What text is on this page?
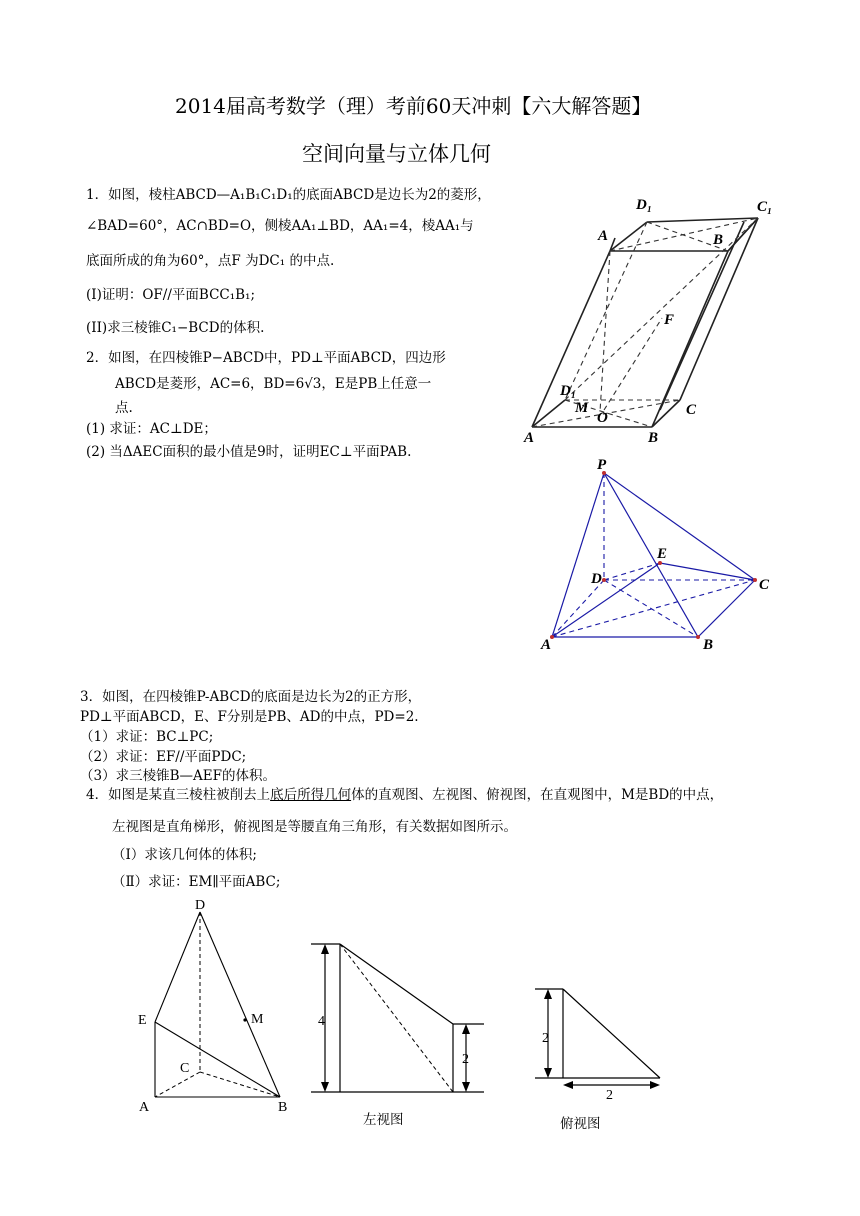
2014届高考数学（理）考前60天冲刺【六大解答题】
空间向量与立体几何
1．如图，棱柱ABCD—A₁B₁C₁D₁的底面ABCD是边长为2的菱形，
∠BAD=60°，AC∩BD=O，侧棱AA₁⊥BD，AA₁=4，棱AA₁与
底面所成的角为60°，点F 为DC₁ 的中点.
(I)证明：OF//平面BCC₁B₁;
(II)求三棱锥C₁−BCD的体积.
2．如图，在四棱锥P−ABCD中，PD⊥平面ABCD，四边形
ABCD是菱形，AC=6，BD=6√3，E是PB上任意一
点.
(1) 求证：AC⊥DE；
(2) 当ΔAEC面积的最小值是9时，证明EC⊥平面PAB.
D₁	C₁
A	B
F
D₁
M
O	C
A	B
P
E
D	C
A	B
3．如图，在四棱锥P-ABCD的底面是边长为2的正方形，
PD⊥平面ABCD，E、F分别是PB、AD的中点，PD=2.
（1）求证：BC⊥PC;
（2）求证：EF//平面PDC;
（3）求三棱锥B—AEF的体积。
4．如图是某直三棱柱被削去上底后所得几何体的直观图、左视图、俯视图，在直观图中，M是BD的中点，
左视图是直角梯形，俯视图是等腰直角三角形，有关数据如图所示。
（Ⅰ）求该几何体的体积;
（Ⅱ）求证：EM∥平面ABC;
D
E	M
C
A	B
4
2
左视图
2
2
俯视图
